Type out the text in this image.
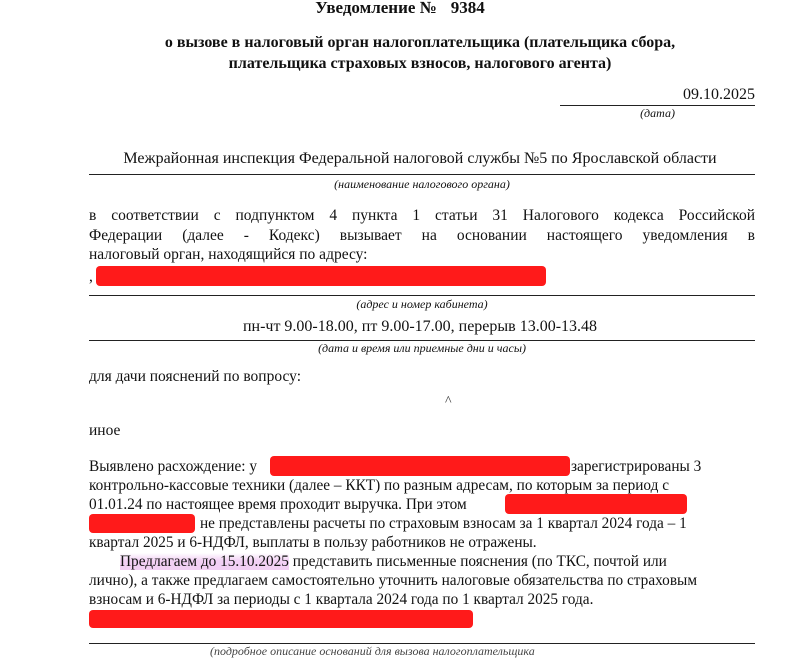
Уведомление № 9384
о вызове в налоговый орган налогоплательщика (плательщика сбора,
плательщика страховых взносов, налогового агента)
09.10.2025
(дата)
Межрайонная инспекция Федеральной налоговой службы №5 по Ярославской области
(наименование налогового органа)
в соответствии с подпунктом 4 пункта 1 статьи 31 Налогового кодекса Российской
Федерации (далее - Кодекс) вызывает на основании настоящего уведомления в
налоговый орган, находящийся по адресу:
,
(адрес и номер кабинета)
пн-чт 9.00-18.00, пт 9.00-17.00, перерыв 13.00-13.48
(дата и время или приемные дни и часы)
для дачи пояснений по вопросу:
^
иное
Выявлено расхождение: у	зарегистрированы 3
контрольно-кассовые техники (далее – ККТ) по разным адресам, по которым за период с
01.01.24 по настоящее время проходит выручка. При этом
не представлены расчеты по страховым взносам за 1 квартал 2024 года – 1
квартал 2025 и 6-НДФЛ, выплаты в пользу работников не отражены.
Предлагаем до 15.10.2025 представить письменные пояснения (по ТКС, почтой или
лично), а также предлагаем самостоятельно уточнить налоговые обязательства по страховым
взносам и 6-НДФЛ за периоды с 1 квартала 2024 года по 1 квартал 2025 года.
(подробное описание оснований для вызова налогоплательщика
